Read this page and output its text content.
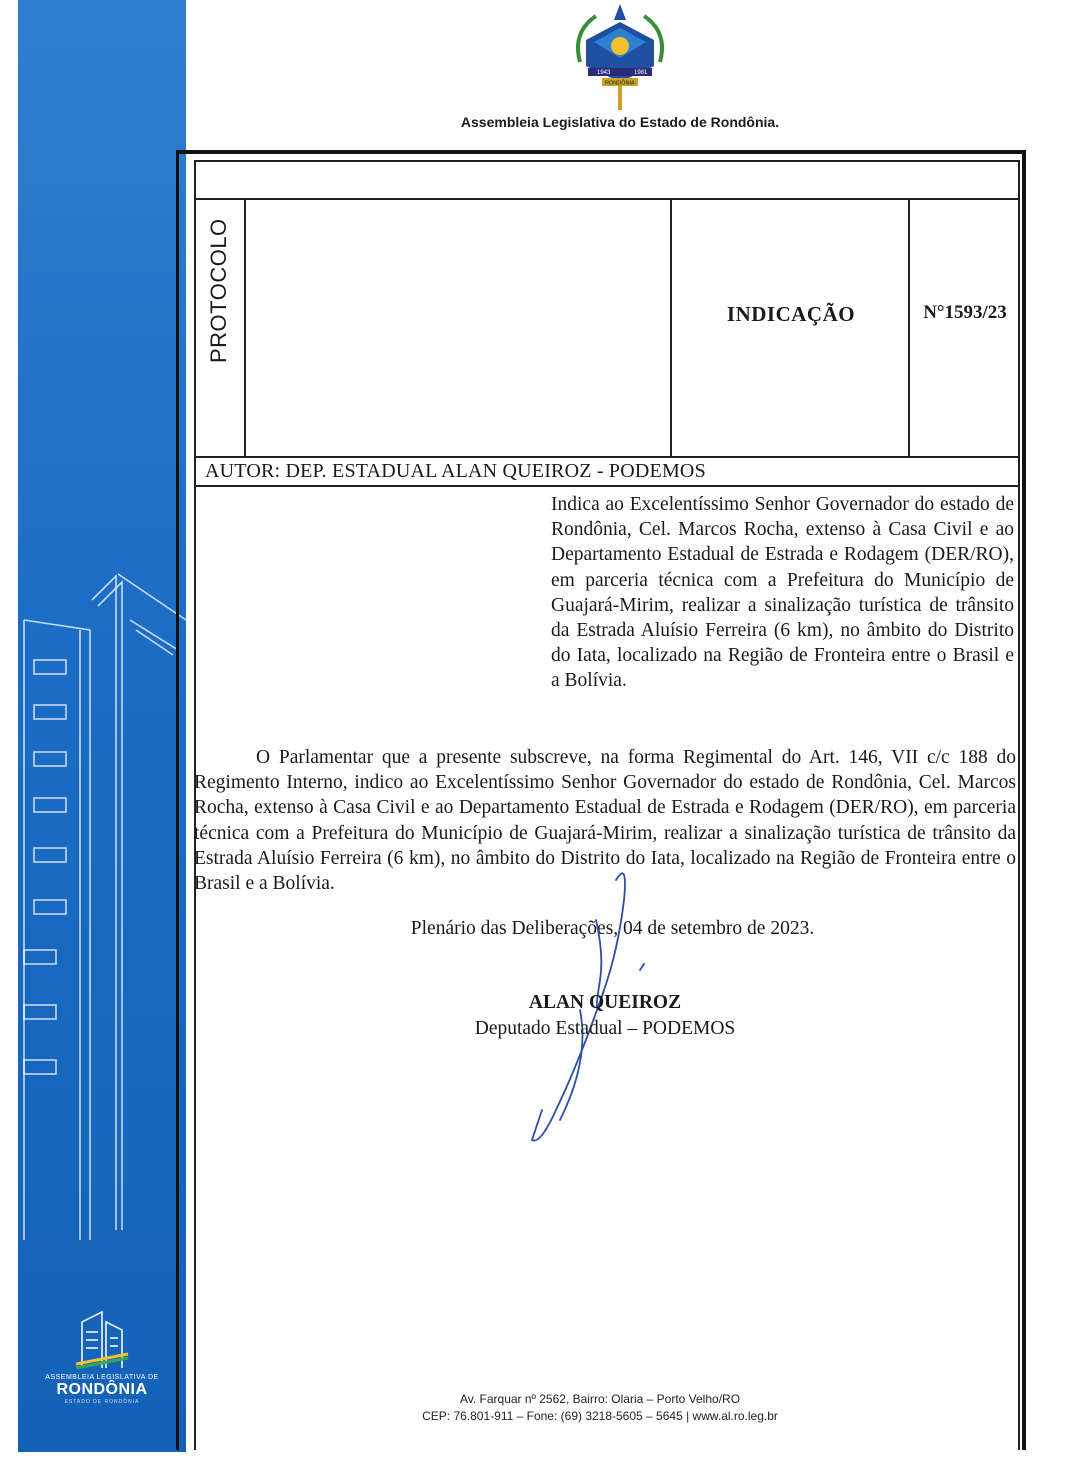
ASSEMBLEIA LEGISLATIVA DE
RONDÔNIA
ESTADO DE RONDÔNIA
1943	1981
RONDÔNIA
Assembleia Legislativa do Estado de Rondônia.
PROTOCOLO	INDICAÇÃO	N°1593/23
AUTOR: DEP. ESTADUAL ALAN QUEIROZ - PODEMOS
Indica ao Excelentíssimo Senhor Governador do estado de Rondônia, Cel. Marcos Rocha, extenso à Casa Civil e ao Departamento Estadual de Estrada e Rodagem (DER/RO), em parceria técnica com a Prefeitura do Município de Guajará-Mirim, realizar a sinalização turística de trânsito da Estrada Aluísio Ferreira (6 km), no âmbito do Distrito do Iata, localizado na Região de Fronteira entre o Brasil e a Bolívia.
O Parlamentar que a presente subscreve, na forma Regimental do Art. 146, VII c/c 188 do Regimento Interno, indico ao Excelentíssimo Senhor Governador do estado de Rondônia, Cel. Marcos Rocha, extenso à Casa Civil e ao Departamento Estadual de Estrada e Rodagem (DER/RO), em parceria técnica com a Prefeitura do Município de Guajará-Mirim, realizar a sinalização turística de trânsito da Estrada Aluísio Ferreira (6 km), no âmbito do Distrito do Iata, localizado na Região de Fronteira entre o Brasil e a Bolívia.
Plenário das Deliberações, 04 de setembro de 2023.
ALAN QUEIROZ
Deputado Estadual – PODEMOS
Av. Farquar nº 2562, Bairro: Olaria – Porto Velho/RO
CEP: 76.801-911 – Fone: (69) 3218-5605 – 5645 | www.al.ro.leg.br
